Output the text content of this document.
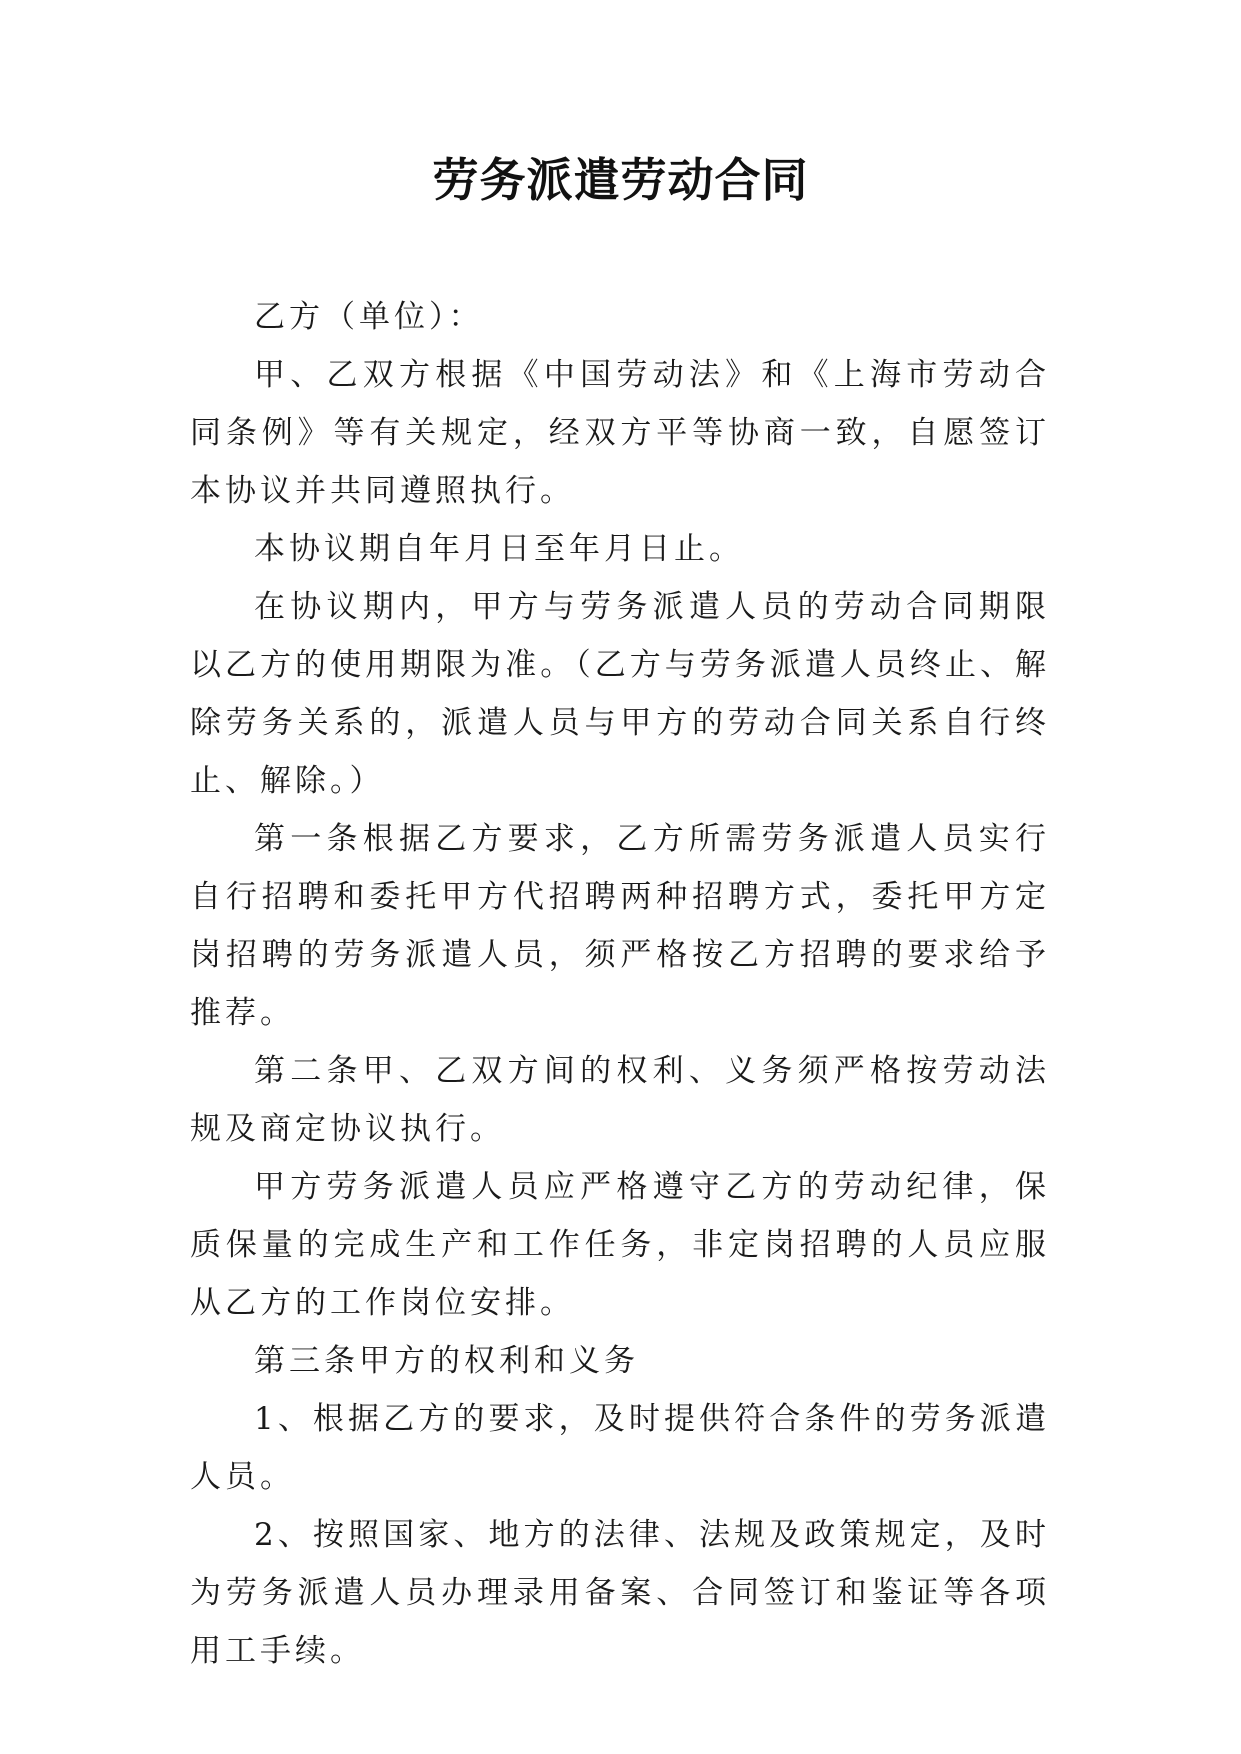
劳务派遣劳动合同

乙方（单位）：

甲、乙双方根据《中国劳动法》和《上海市劳动合同条例》等有关规定，经双方平等协商一致，自愿签订本协议并共同遵照执行。

本协议期自年月日至年月日止。

在协议期内，甲方与劳务派遣人员的劳动合同期限以乙方的使用期限为准。（乙方与劳务派遣人员终止、解除劳务关系的，派遣人员与甲方的劳动合同关系自行终止、解除。）

第一条根据乙方要求，乙方所需劳务派遣人员实行自行招聘和委托甲方代招聘两种招聘方式，委托甲方定岗招聘的劳务派遣人员，须严格按乙方招聘的要求给予推荐。

第二条甲、乙双方间的权利、义务须严格按劳动法规及商定协议执行。

甲方劳务派遣人员应严格遵守乙方的劳动纪律，保质保量的完成生产和工作任务，非定岗招聘的人员应服从乙方的工作岗位安排。

第三条甲方的权利和义务

1、根据乙方的要求，及时提供符合条件的劳务派遣人员。

2、按照国家、地方的法律、法规及政策规定，及时为劳务派遣人员办理录用备案、合同签订和鉴证等各项用工手续。
